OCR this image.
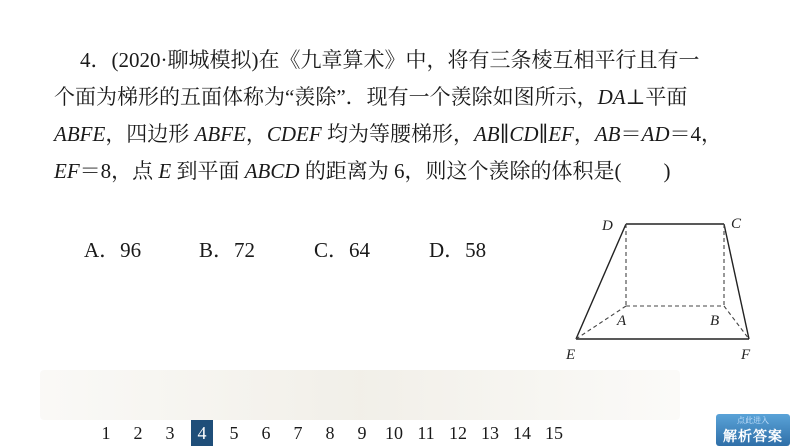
4．(2020·聊城模拟)在《九章算术》中，将有三条棱互相平行且有一
个面为梯形的五面体称为“羡除”．现有一个羡除如图所示，DA⊥平面
ABFE，四边形 ABFE，CDEF 均为等腰梯形，AB∥CD∥EF，AB＝AD＝4，
EF＝8，点 E 到平面 ABCD 的距离为 6，则这个羡除的体积是(　　)
A．96	B．72	C．64	D．58
D	C
A	B
E	F
1	2	3	4	5	6	7	8	9	10 11 12 13 14 15
点此进入
解析答案
